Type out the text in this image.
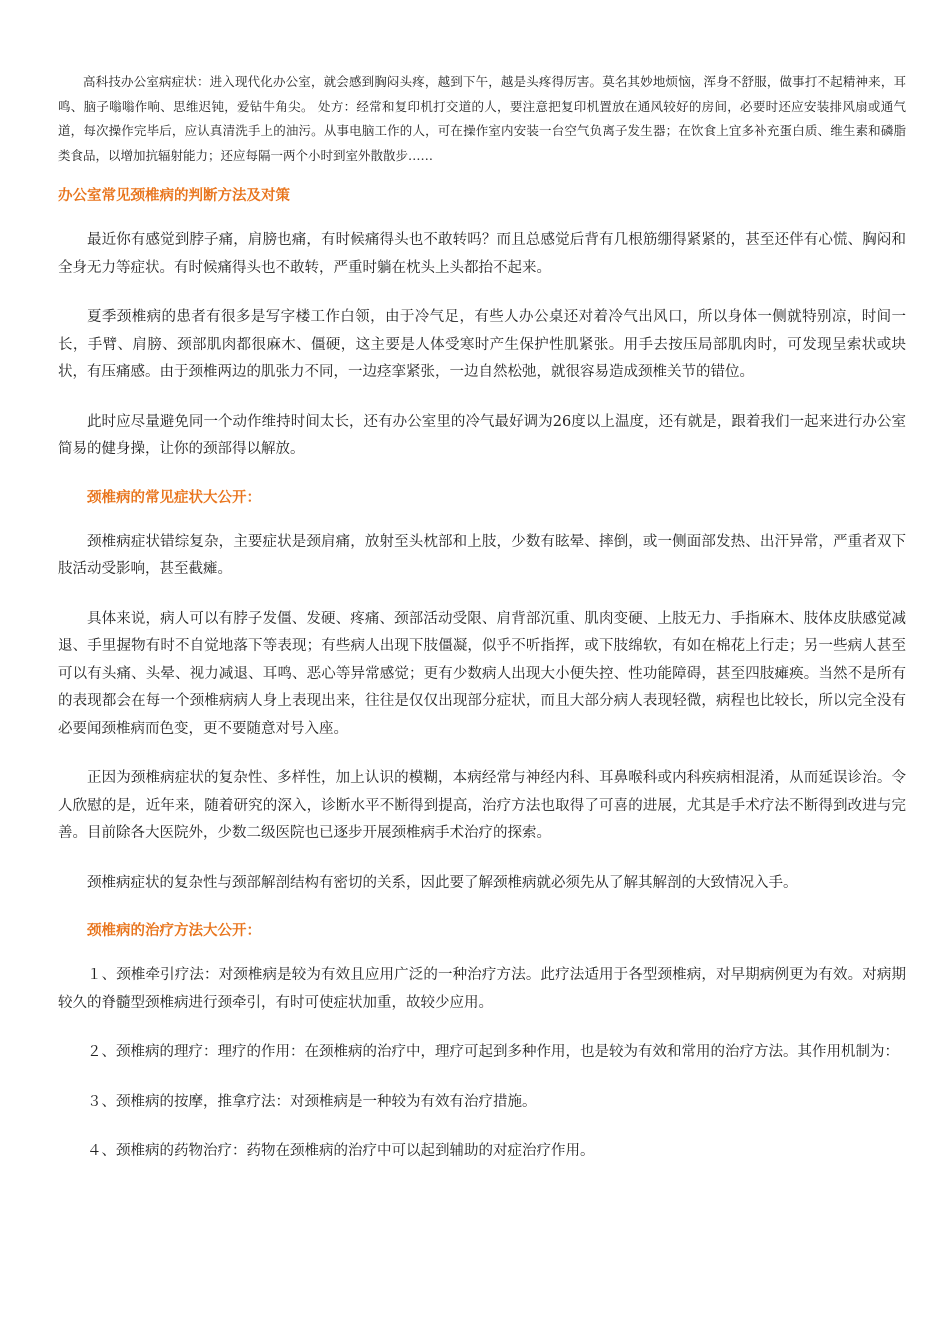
高科技办公室病症状：进入现代化办公室，就会感到胸闷头疼，越到下午，越是头疼得厉害。莫名其妙地烦恼，浑身不舒服，做事打不起精神来，耳鸣、脑子嗡嗡作响、思维迟钝，爱钻牛角尖。 处方：经常和复印机打交道的人，要注意把复印机置放在通风较好的房间，必要时还应安装排风扇或通气道，每次操作完毕后，应认真清洗手上的油污。从事电脑工作的人，可在操作室内安装一台空气负离子发生器；在饮食上宜多补充蛋白质、维生素和磷脂类食品，以增加抗辐射能力；还应每隔一两个小时到室外散散步……

办公室常见颈椎病的判断方法及对策

最近你有感觉到脖子痛，肩膀也痛，有时候痛得头也不敢转吗？而且总感觉后背有几根筋绷得紧紧的，甚至还伴有心慌、胸闷和全身无力等症状。有时候痛得头也不敢转，严重时躺在枕头上头都抬不起来。

夏季颈椎病的患者有很多是写字楼工作白领，由于冷气足，有些人办公桌还对着冷气出风口，所以身体一侧就特别凉，时间一长，手臂、肩膀、颈部肌肉都很麻木、僵硬，这主要是人体受寒时产生保护性肌紧张。用手去按压局部肌肉时，可发现呈索状或块状，有压痛感。由于颈椎两边的肌张力不同，一边痉挛紧张，一边自然松弛，就很容易造成颈椎关节的错位。

此时应尽量避免同一个动作维持时间太长，还有办公室里的冷气最好调为26度以上温度，还有就是，跟着我们一起来进行办公室简易的健身操，让你的颈部得以解放。

颈椎病的常见症状大公开：

颈椎病症状错综复杂，主要症状是颈肩痛，放射至头枕部和上肢，少数有眩晕、摔倒，或一侧面部发热、出汗异常，严重者双下肢活动受影响，甚至截瘫。

具体来说，病人可以有脖子发僵、发硬、疼痛、颈部活动受限、肩背部沉重、肌肉变硬、上肢无力、手指麻木、肢体皮肤感觉减退、手里握物有时不自觉地落下等表现；有些病人出现下肢僵凝，似乎不听指挥，或下肢绵软，有如在棉花上行走；另一些病人甚至可以有头痛、头晕、视力减退、耳鸣、恶心等异常感觉；更有少数病人出现大小便失控、性功能障碍，甚至四肢瘫痪。当然不是所有的表现都会在每一个颈椎病病人身上表现出来，往往是仅仅出现部分症状，而且大部分病人表现轻微，病程也比较长，所以完全没有必要闻颈椎病而色变，更不要随意对号入座。

正因为颈椎病症状的复杂性、多样性，加上认识的模糊，本病经常与神经内科、耳鼻喉科或内科疾病相混淆，从而延误诊治。令人欣慰的是，近年来，随着研究的深入，诊断水平不断得到提高，治疗方法也取得了可喜的进展，尤其是手术疗法不断得到改进与完善。目前除各大医院外，少数二级医院也已逐步开展颈椎病手术治疗的探索。

颈椎病症状的复杂性与颈部解剖结构有密切的关系，因此要了解颈椎病就必须先从了解其解剖的大致情况入手。

颈椎病的治疗方法大公开：

１、颈椎牵引疗法：对颈椎病是较为有效且应用广泛的一种治疗方法。此疗法适用于各型颈椎病，对早期病例更为有效。对病期较久的脊髓型颈椎病进行颈牵引，有时可使症状加重，故较少应用。

２、颈椎病的理疗：理疗的作用：在颈椎病的治疗中，理疗可起到多种作用，也是较为有效和常用的治疗方法。其作用机制为：

３、颈椎病的按摩，推拿疗法：对颈椎病是一种较为有效有治疗措施。

４、颈椎病的药物治疗：药物在颈椎病的治疗中可以起到辅助的对症治疗作用。
